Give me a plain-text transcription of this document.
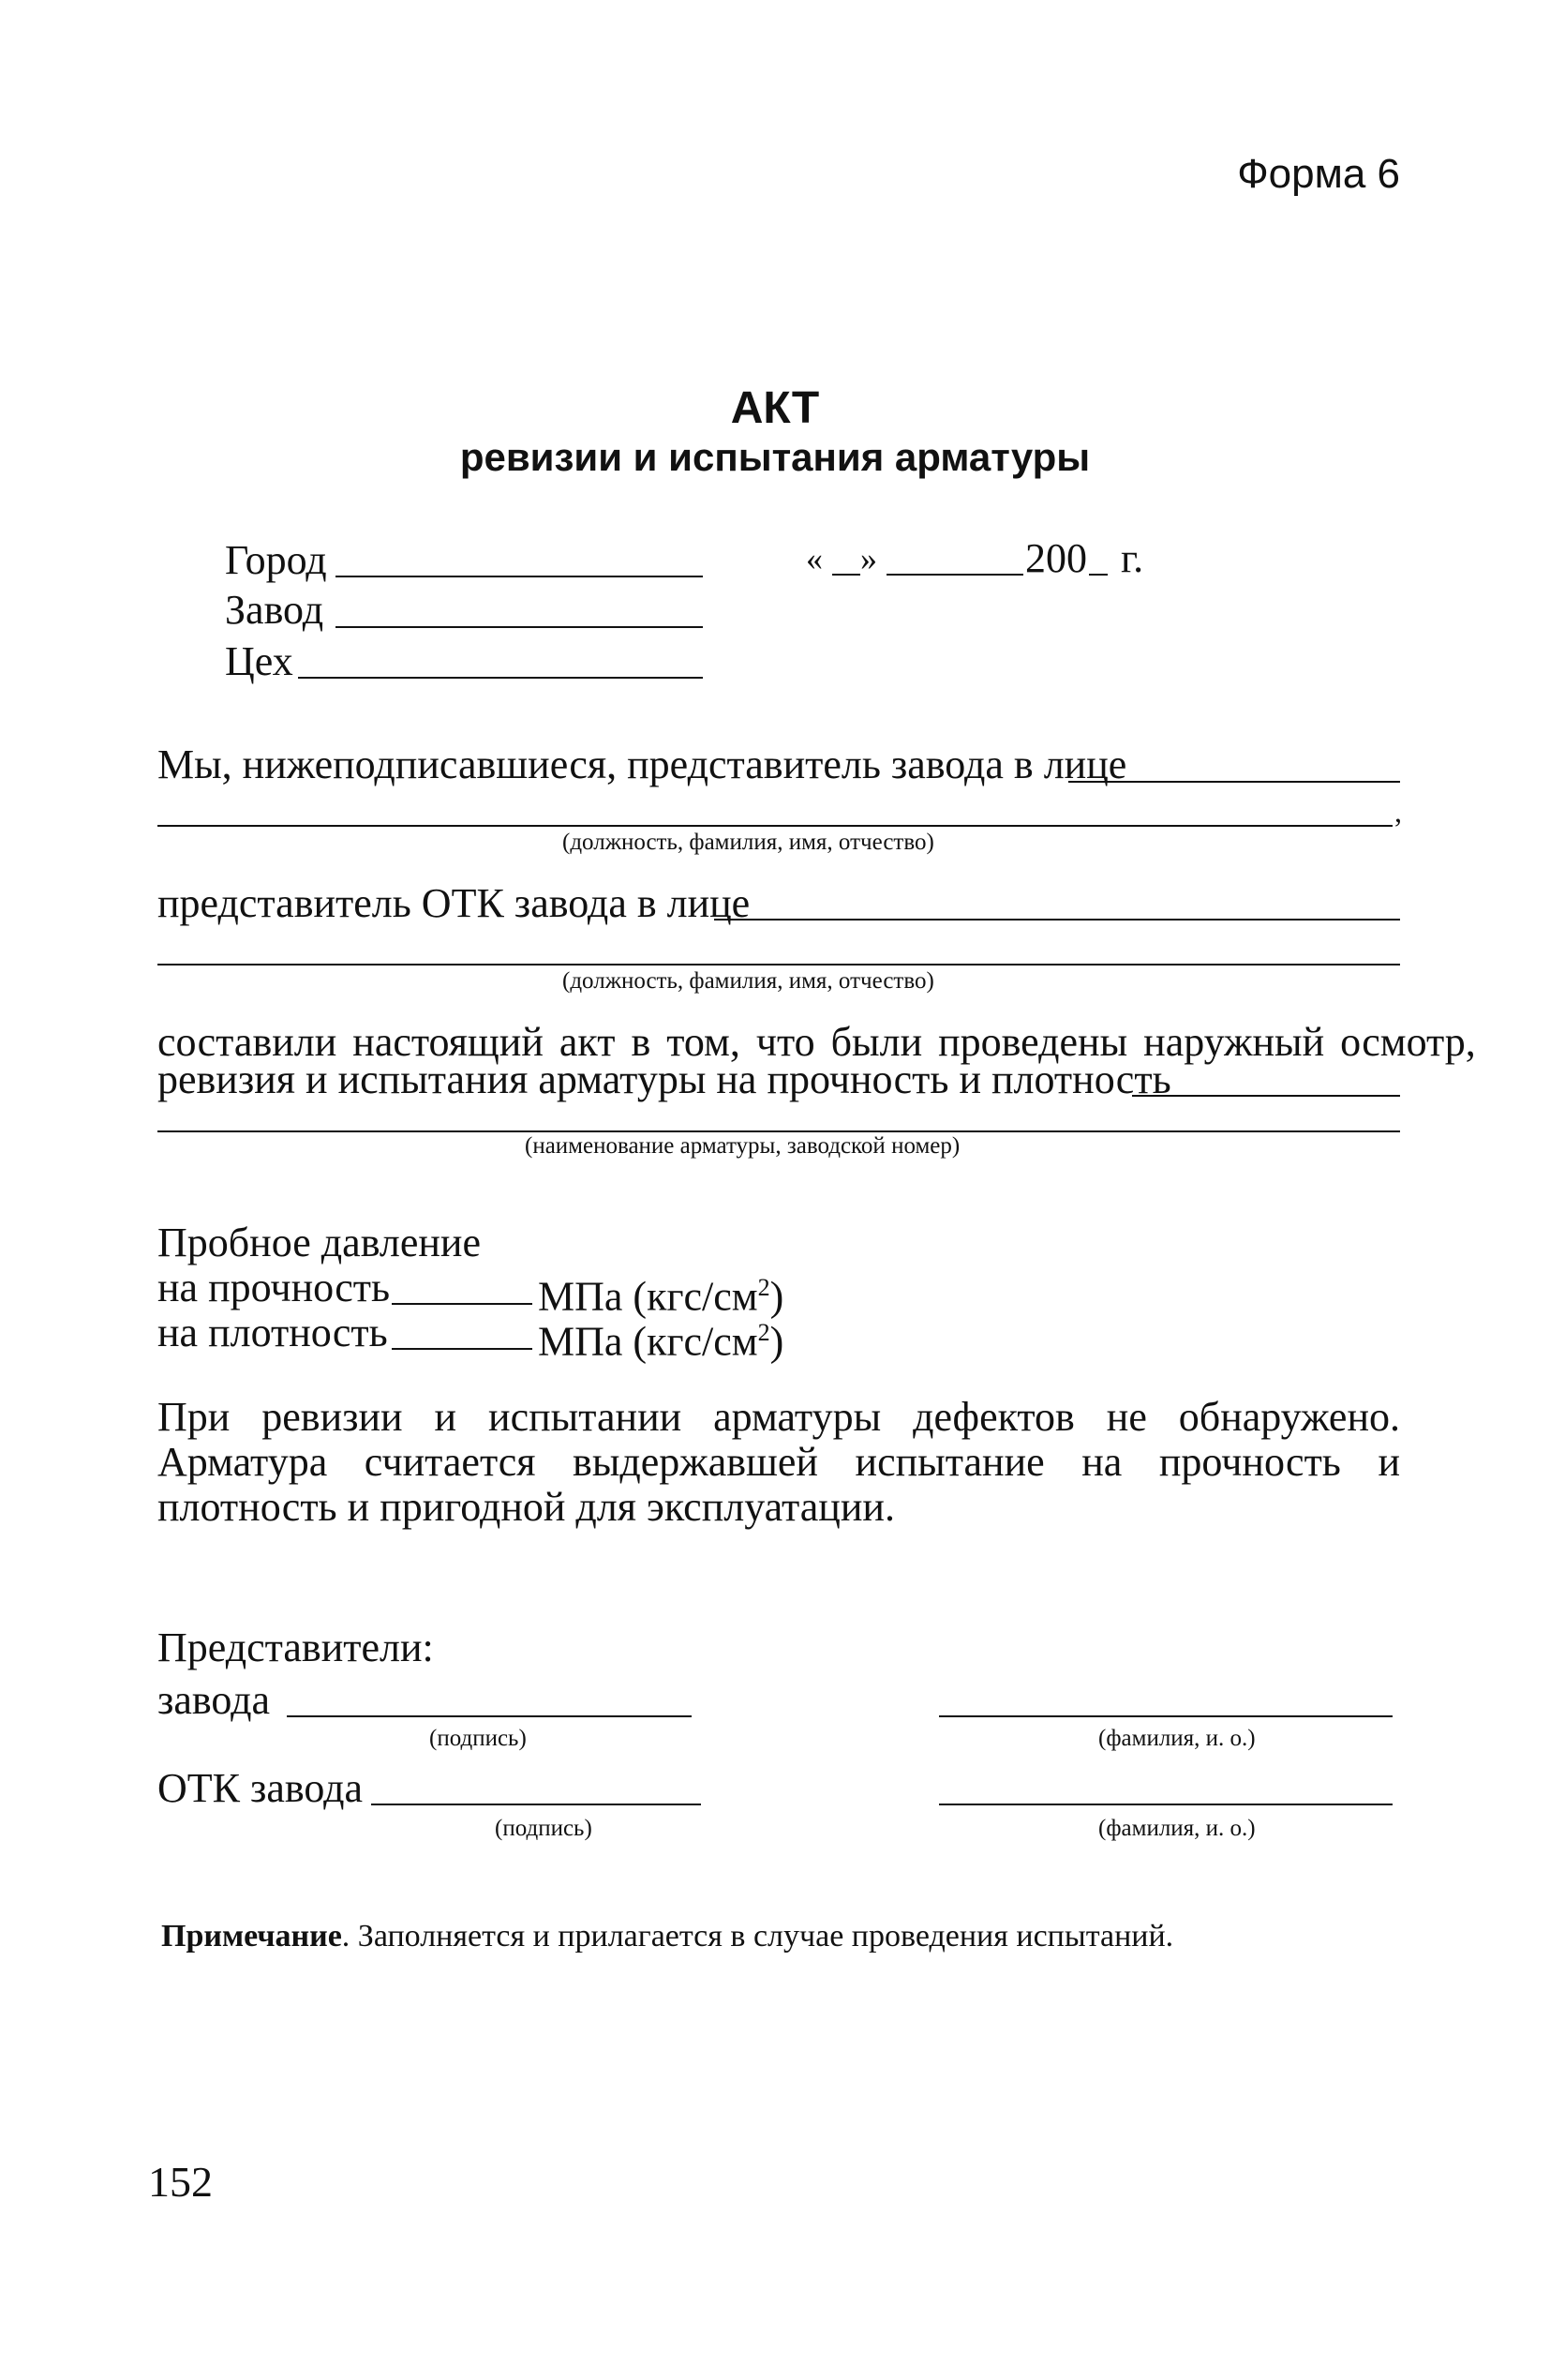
Форма 6
АКТ
ревизии и испытания арматуры
Город
Завод
Цех
« »	200 г.
Мы, нижеподписавшиеся, представитель завода в лице
,
(должность, фамилия, имя, отчество)
представитель ОТК завода в лице
(должность, фамилия, имя, отчество)
составили настоящий акт в том, что были проведены наружный осмотр,
ревизия и испытания арматуры на прочность и плотность
(наименование арматуры, заводской номер)
Пробное давление
на прочность	МПа $(кгс/см^2)$
на плотность	МПа $(кгс/см^2)$
При ревизии и испытании арматуры дефектов не обнаружено. Арматура считается выдержавшей испытание на прочность и плотность и пригодной для эксплуатации.
Представители:
завода
(подпись)	(фамилия, и. о.)
ОТК завода
(подпись)	(фамилия, и. о.)
Примечание. Заполняется и прилагается в случае проведения испытаний.
152
